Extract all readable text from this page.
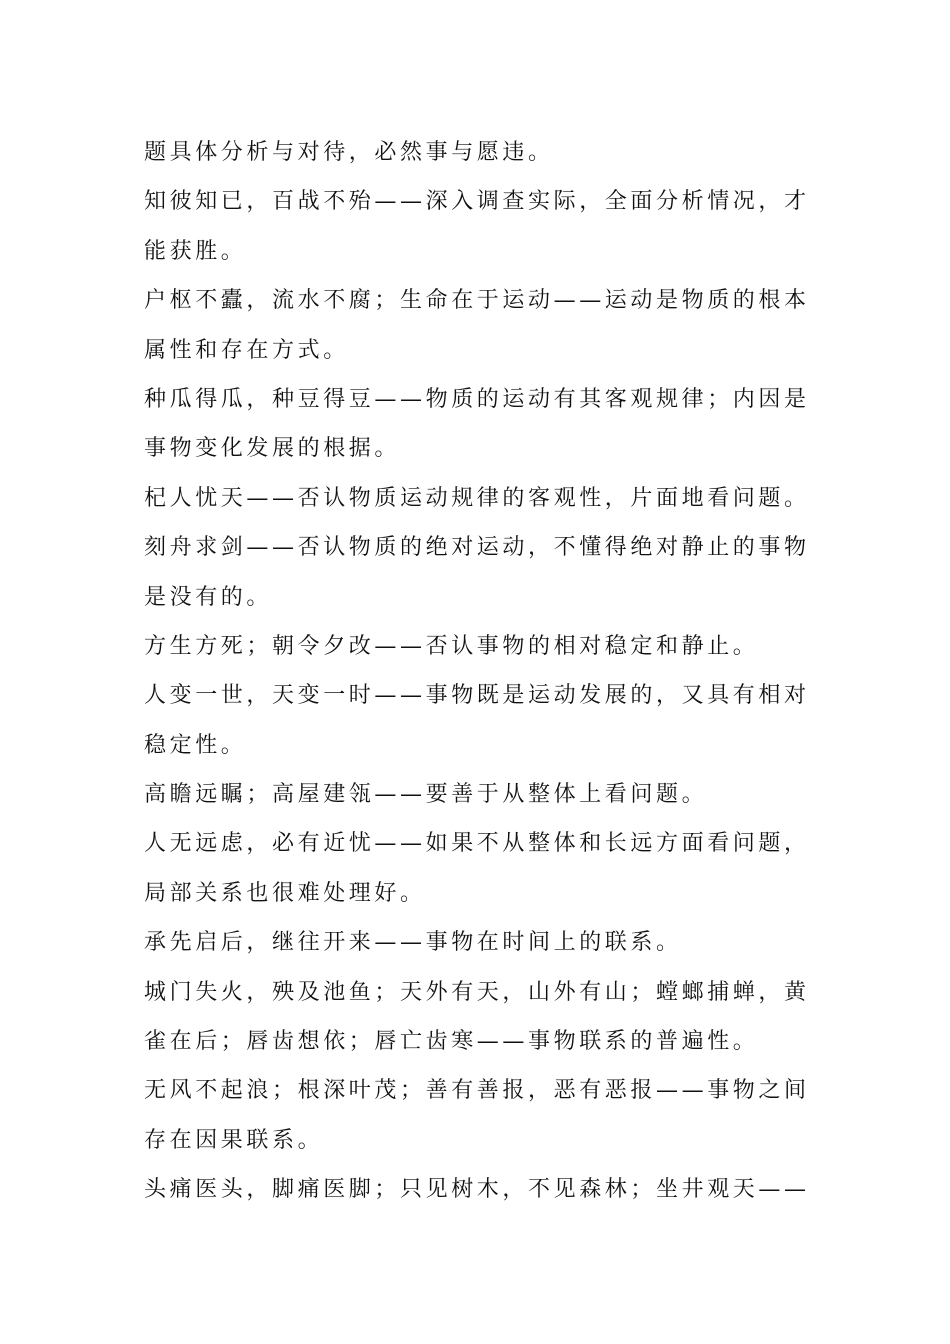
题具体分析与对待，必然事与愿违。
知彼知已，百战不殆——深入调查实际，全面分析情况，才
能获胜。
户枢不蠹，流水不腐；生命在于运动——运动是物质的根本
属性和存在方式。
种瓜得瓜，种豆得豆——物质的运动有其客观规律；内因是
事物变化发展的根据。
杞人忧天——否认物质运动规律的客观性，片面地看问题。
刻舟求剑——否认物质的绝对运动，不懂得绝对静止的事物
是没有的。
方生方死；朝令夕改——否认事物的相对稳定和静止。
人变一世，天变一时——事物既是运动发展的，又具有相对
稳定性。
高瞻远瞩；高屋建瓴——要善于从整体上看问题。
人无远虑，必有近忧——如果不从整体和长远方面看问题，
局部关系也很难处理好。
承先启后，继往开来——事物在时间上的联系。
城门失火，殃及池鱼；天外有天，山外有山；螳螂捕蝉，黄
雀在后；唇齿想依；唇亡齿寒——事物联系的普遍性。
无风不起浪；根深叶茂；善有善报，恶有恶报——事物之间
存在因果联系。
头痛医头，脚痛医脚；只见树木，不见森林；坐井观天——
